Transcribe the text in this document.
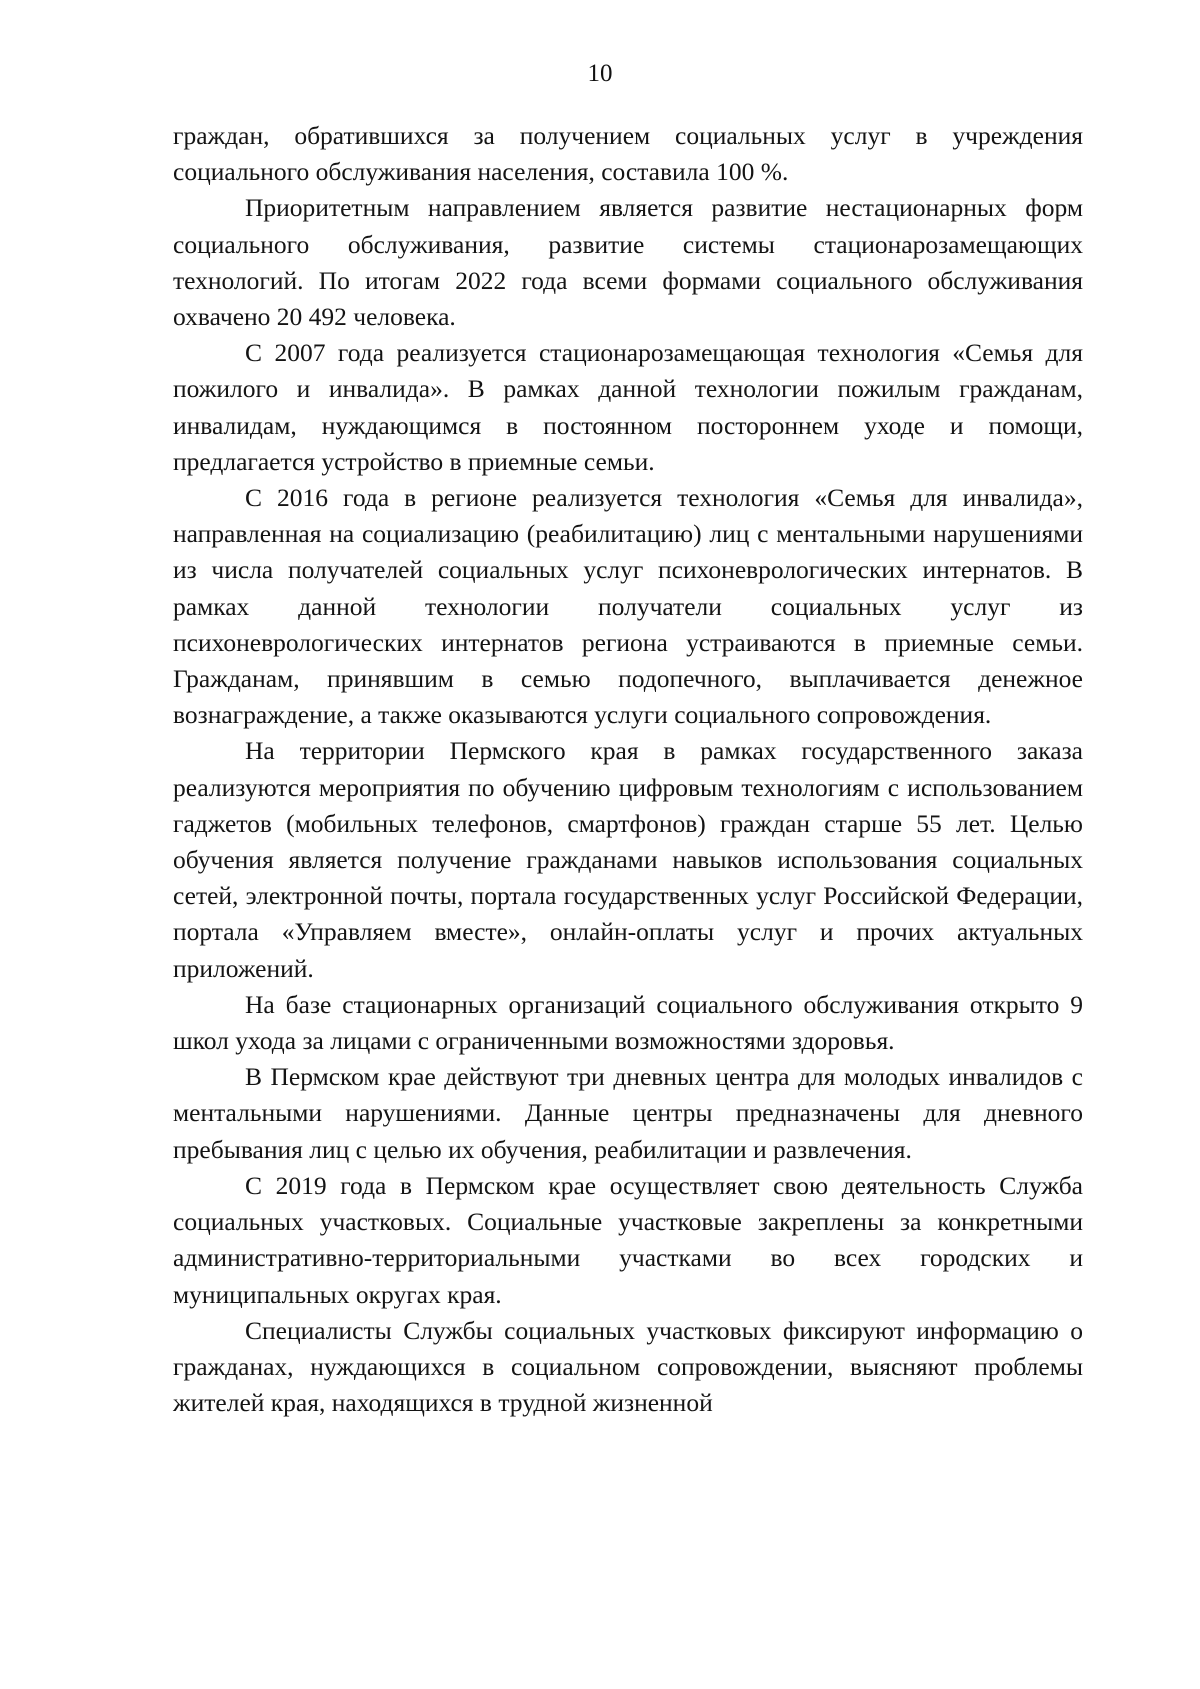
10

граждан, обратившихся за получением социальных услуг в учреждения социального обслуживания населения, составила 100 %.

Приоритетным направлением является развитие нестационарных форм социального обслуживания, развитие системы стационарозамещающих технологий. По итогам 2022 года всеми формами социального обслуживания охвачено 20 492 человека.

С 2007 года реализуется стационарозамещающая технология «Семья для пожилого и инвалида». В рамках данной технологии пожилым гражданам, инвалидам, нуждающимся в постоянном постороннем уходе и помощи, предлагается устройство в приемные семьи.

С 2016 года в регионе реализуется технология «Семья для инвалида», направленная на социализацию (реабилитацию) лиц с ментальными нарушениями из числа получателей социальных услуг психоневрологических интернатов. В рамках данной технологии получатели социальных услуг из психоневрологических интернатов региона устраиваются в приемные семьи. Гражданам, принявшим в семью подопечного, выплачивается денежное вознаграждение, а также оказываются услуги социального сопровождения.

На территории Пермского края в рамках государственного заказа реализуются мероприятия по обучению цифровым технологиям с использованием гаджетов (мобильных телефонов, смартфонов) граждан старше 55 лет. Целью обучения является получение гражданами навыков использования социальных сетей, электронной почты, портала государственных услуг Российской Федерации, портала «Управляем вместе», онлайн-оплаты услуг и прочих актуальных приложений.

На базе стационарных организаций социального обслуживания открыто 9 школ ухода за лицами с ограниченными возможностями здоровья.

В Пермском крае действуют три дневных центра для молодых инвалидов с ментальными нарушениями. Данные центры предназначены для дневного пребывания лиц с целью их обучения, реабилитации и развлечения.

С 2019 года в Пермском крае осуществляет свою деятельность Служба социальных участковых. Социальные участковые закреплены за конкретными административно-территориальными участками во всех городских и муниципальных округах края.

Специалисты Службы социальных участковых фиксируют информацию о гражданах, нуждающихся в социальном сопровождении, выясняют проблемы жителей края, находящихся в трудной жизненной
